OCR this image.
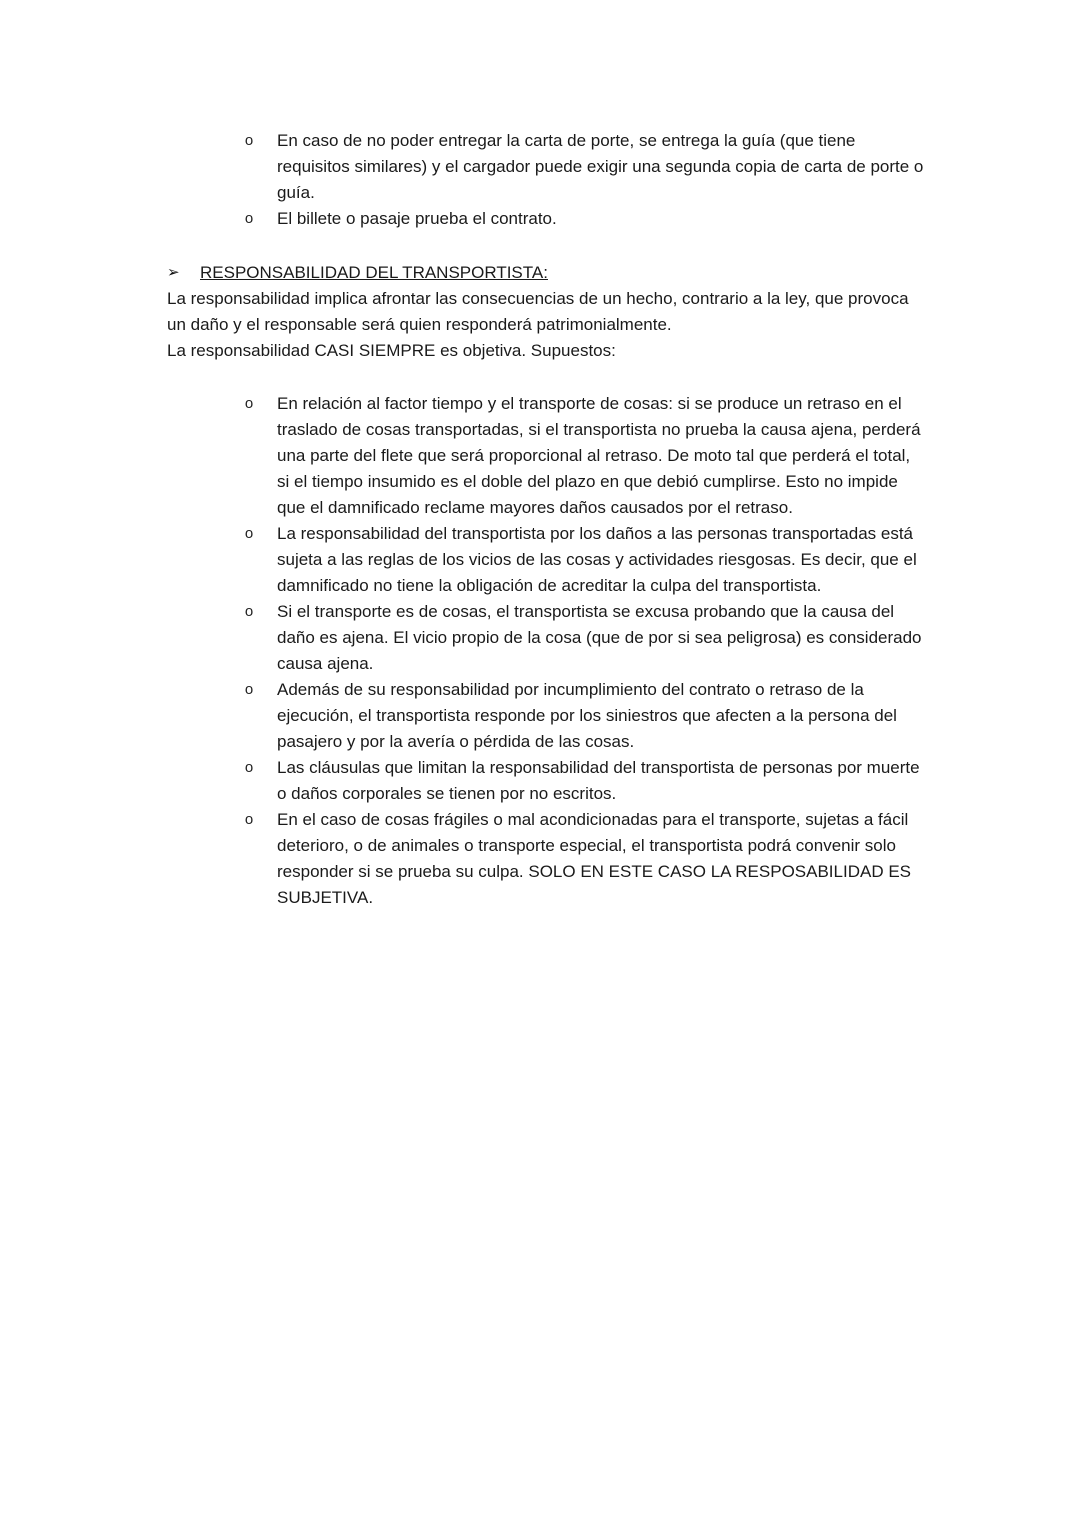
o En caso de no poder entregar la carta de porte, se entrega la guía (que tiene requisitos similares) y el cargador puede exigir una segunda copia de carta de porte o guía.
o El billete o pasaje prueba el contrato.
➢ RESPONSABILIDAD DEL TRANSPORTISTA:

La responsabilidad implica afrontar las consecuencias de un hecho, contrario a la ley, que provoca un daño y el responsable será quien responderá patrimonialmente.

La responsabilidad CASI SIEMPRE es objetiva. Supuestos:

o En relación al factor tiempo y el transporte de cosas: si se produce un retraso en el traslado de cosas transportadas, si el transportista no prueba la causa ajena, perderá una parte del flete que será proporcional al retraso. De moto tal que perderá el total, si el tiempo insumido es el doble del plazo en que debió cumplirse. Esto no impide que el damnificado reclame mayores daños causados por el retraso.
o La responsabilidad del transportista por los daños a las personas transportadas está sujeta a las reglas de los vicios de las cosas y actividades riesgosas. Es decir, que el damnificado no tiene la obligación de acreditar la culpa del transportista.
o Si el transporte es de cosas, el transportista se excusa probando que la causa del daño es ajena. El vicio propio de la cosa (que de por si sea peligrosa) es considerado causa ajena.
o Además de su responsabilidad por incumplimiento del contrato o retraso de la ejecución, el transportista responde por los siniestros que afecten a la persona del pasajero y por la avería o pérdida de las cosas.
o Las cláusulas que limitan la responsabilidad del transportista de personas por muerte o daños corporales se tienen por no escritos.
o En el caso de cosas frágiles o mal acondicionadas para el transporte, sujetas a fácil deterioro, o de animales o transporte especial, el transportista podrá convenir solo responder si se prueba su culpa. SOLO EN ESTE CASO LA RESPOSABILIDAD ES SUBJETIVA.
